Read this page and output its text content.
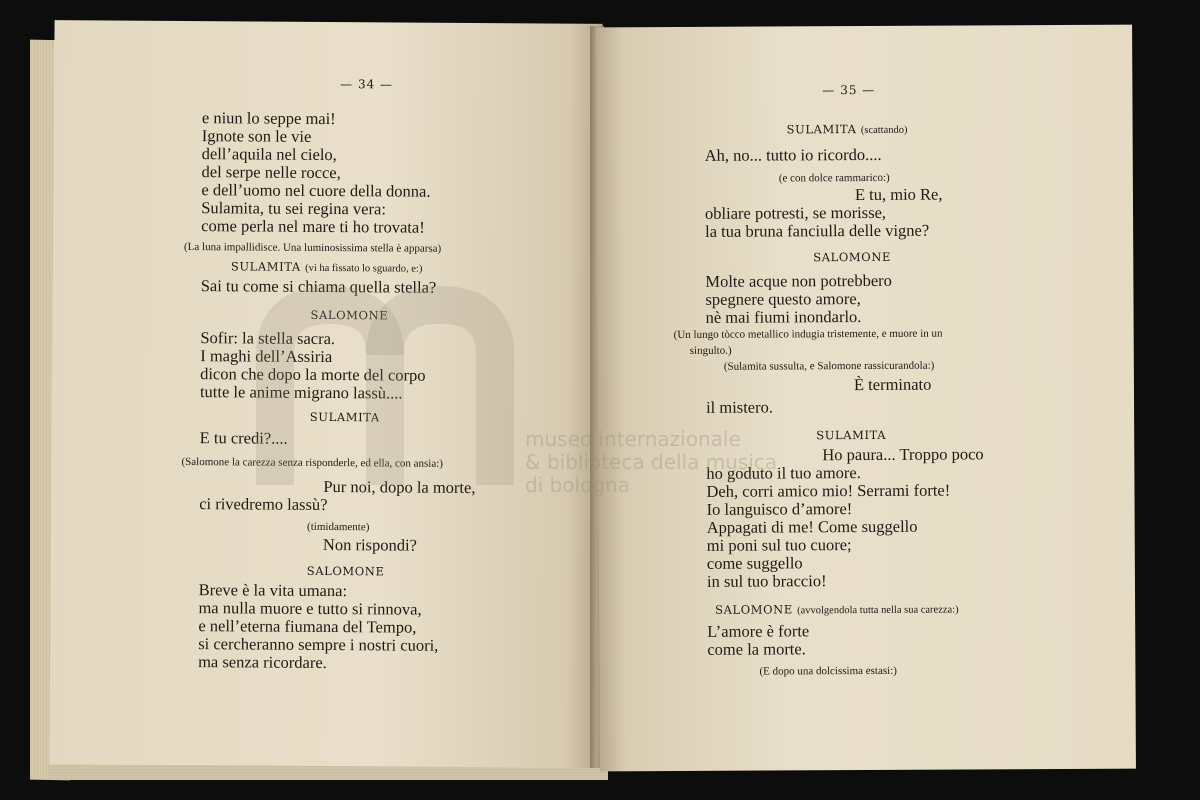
— 34 —
e niun lo seppe mai!
Ignote son le vie
dell’aquila nel cielo,
del serpe nelle rocce,
e dell’uomo nel cuore della donna.
Sulamita, tu sei regina vera:
come perla nel mare ti ho trovata!
(La luna impallidisce. Una luminosissima stella è apparsa)
SULAMITA (vi ha fissato lo sguardo, e:)
Sai tu come si chiama quella stella?
SALOMONE
Sofir: la stella sacra.
I maghi dell’Assiria
dicon che dopo la morte del corpo
tutte le anime migrano lassù....
SULAMITA
E tu credi?....
(Salomone la carezza senza risponderle, ed ella, con ansia:)
Pur noi, dopo la morte,
ci rivedremo lassù?
(timidamente)
Non rispondi?
SALOMONE
Breve è la vita umana:
ma nulla muore e tutto si rinnova,
e nell’eterna fiumana del Tempo,
si cercheranno sempre i nostri cuori,
ma senza ricordare.
— 35 —
SULAMITA (scattando)
Ah, no... tutto io ricordo....
(e con dolce rammarico:)
E tu, mio Re,
obliare potresti, se morisse,
la tua bruna fanciulla delle vigne?
SALOMONE
Molte acque non potrebbero
spegnere questo amore,
nè mai fiumi inondarlo.
(Un lungo tòcco metallico indugia tristemente, e muore in un
singulto.)
(Sulamita sussulta, e Salomone rassicurandola:)
È terminato
il mistero.
SULAMITA
Ho paura... Troppo poco
ho goduto il tuo amore.
Deh, corri amico mio! Serrami forte!
Io languisco d’amore!
Appagati di me! Come suggello
mi poni sul tuo cuore;
come suggello
in sul tuo braccio!
SALOMONE (avvolgendola tutta nella sua carezza:)
L’amore è forte
come la morte.
(E dopo una dolcissima estasi:)
museo internazionale
& biblioteca della musica
di bologna
